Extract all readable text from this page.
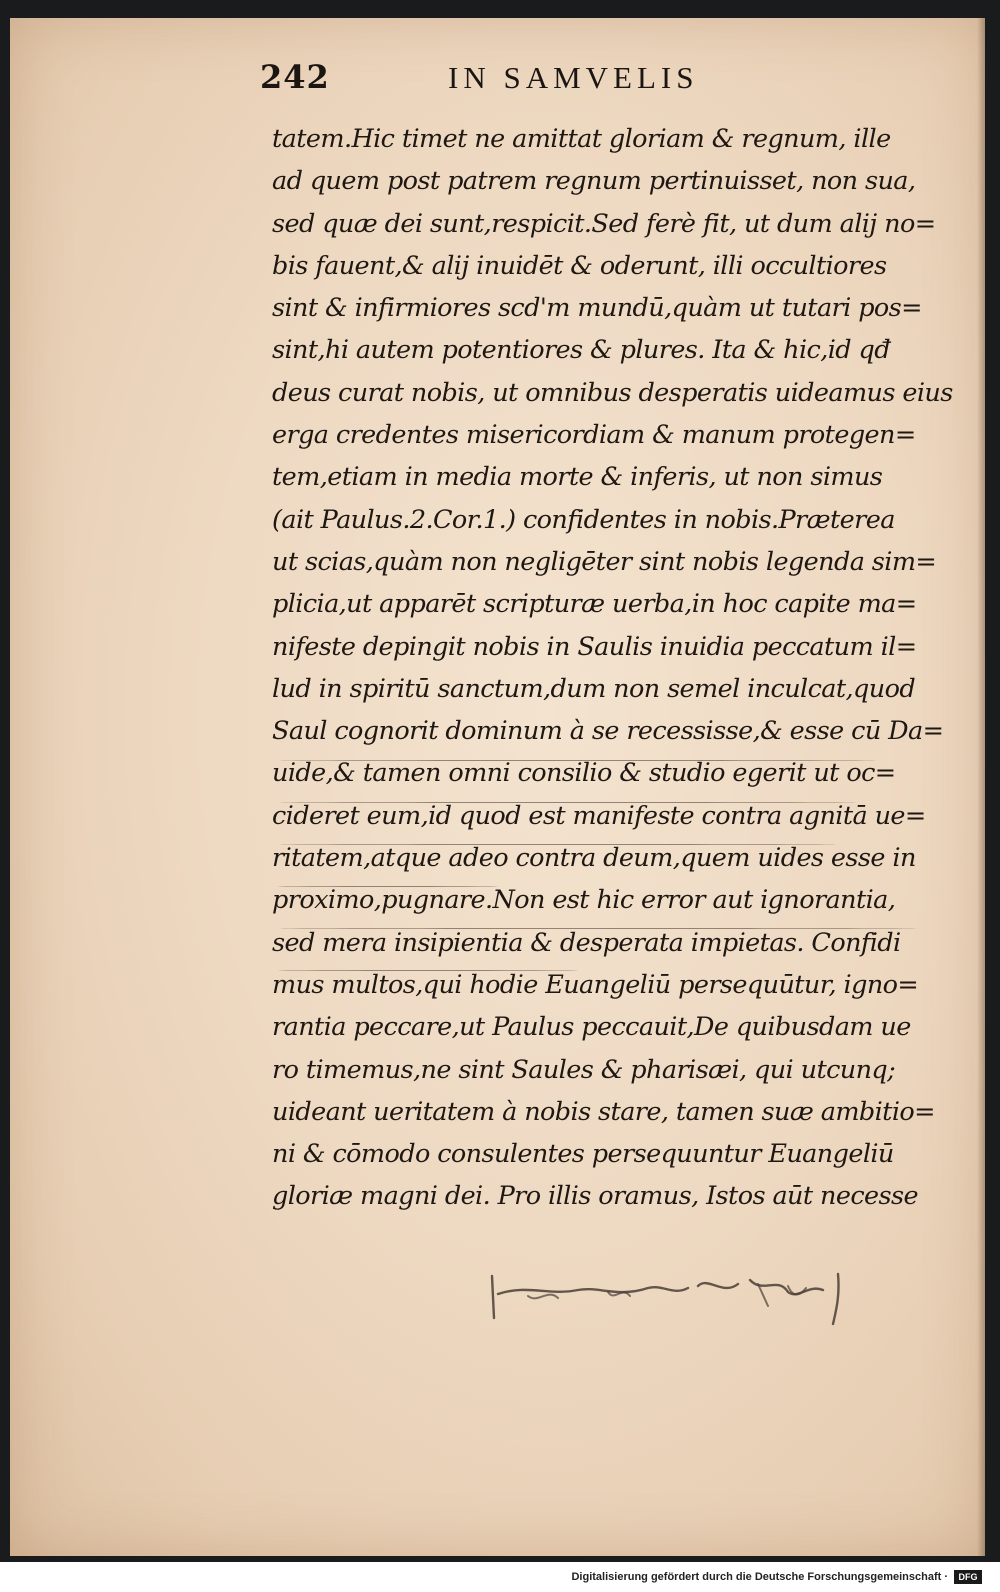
242	IN SAMVELIS
tatem.Hic timet ne amittat gloriam & regnum, ille
ad quem post patrem regnum pertinuisset, non sua,
sed quæ dei sunt,respicit.Sed ferè fit, ut dum alij no=
bis fauent,& alij inuidēt & oderunt, illi occultiores
sint & infirmiores scd'm mundū,quàm ut tutari pos=
sint,hi autem potentiores & plures. Ita & hic,id qđ
deus curat nobis, ut omnibus desperatis uideamus eius
erga credentes misericordiam & manum protegen=
tem,etiam in media morte & inferis, ut non simus
(ait Paulus.2.Cor.1.) confidentes in nobis.Præterea
ut scias,quàm non negligēter sint nobis legenda sim=
plicia,ut apparēt scripturæ uerba,in hoc capite ma=
nifeste depingit nobis in Saulis inuidia peccatum il=
lud in spiritū sanctum,dum non semel inculcat,quod
Saul cognorit dominum à se recessisse,& esse cū Da=
uide,& tamen omni consilio & studio egerit ut oc=
cideret eum,id quod est manifeste contra agnitā ue=
ritatem,atque adeo contra deum,quem uides esse in
proximo,pugnare.Non est hic error aut ignorantia,
sed mera insipientia & desperata impietas. Confidi
mus multos,qui hodie Euangeliū persequūtur, igno=
rantia peccare,ut Paulus peccauit,De quibusdam ue
ro timemus,ne sint Saules & pharisæi, qui utcunq;
uideant ueritatem à nobis stare, tamen suæ ambitio=
ni & cōmodo consulentes persequuntur Euangeliū
gloriæ magni dei. Pro illis oramus, Istos aūt necesse
Digitalisierung gefördert durch die Deutsche Forschungsgemeinschaft ·	DFG
